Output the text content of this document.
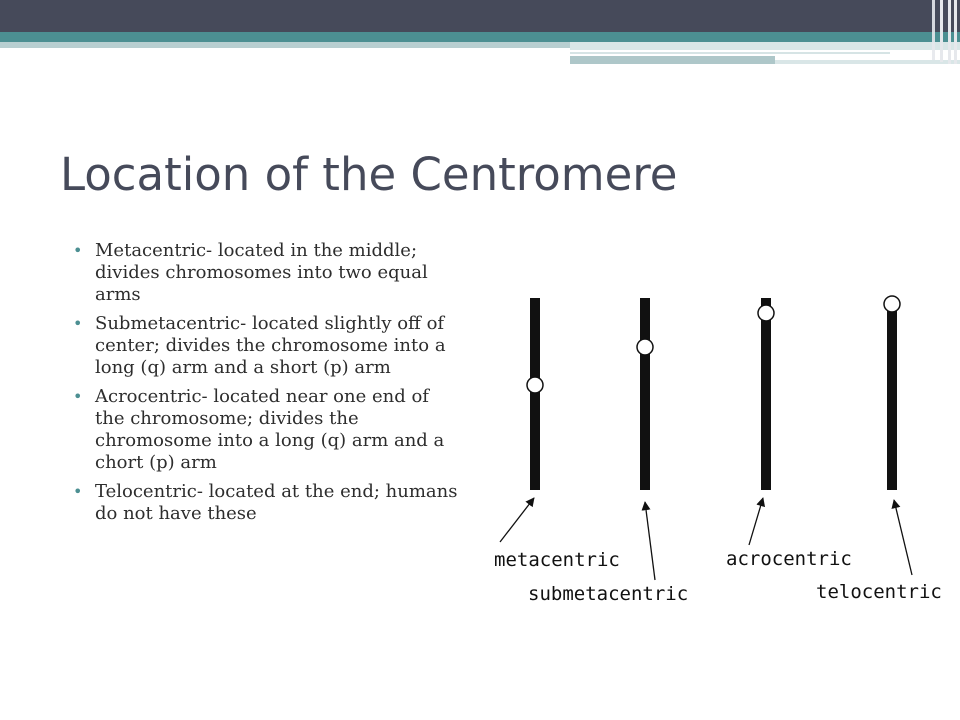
Location of the Centromere
• Metacentric- located in the middle; divides chromosomes into two equal arms
• Submetacentric- located slightly off of center; divides the chromosome into a long (q) arm and a short (p) arm
• Acrocentric- located near one end of the chromosome; divides the chromosome into a long (q) arm and a chort (p) arm
• Telocentric- located at the end; humans do not have these
metacentric
submetacentric
acrocentric
telocentric
